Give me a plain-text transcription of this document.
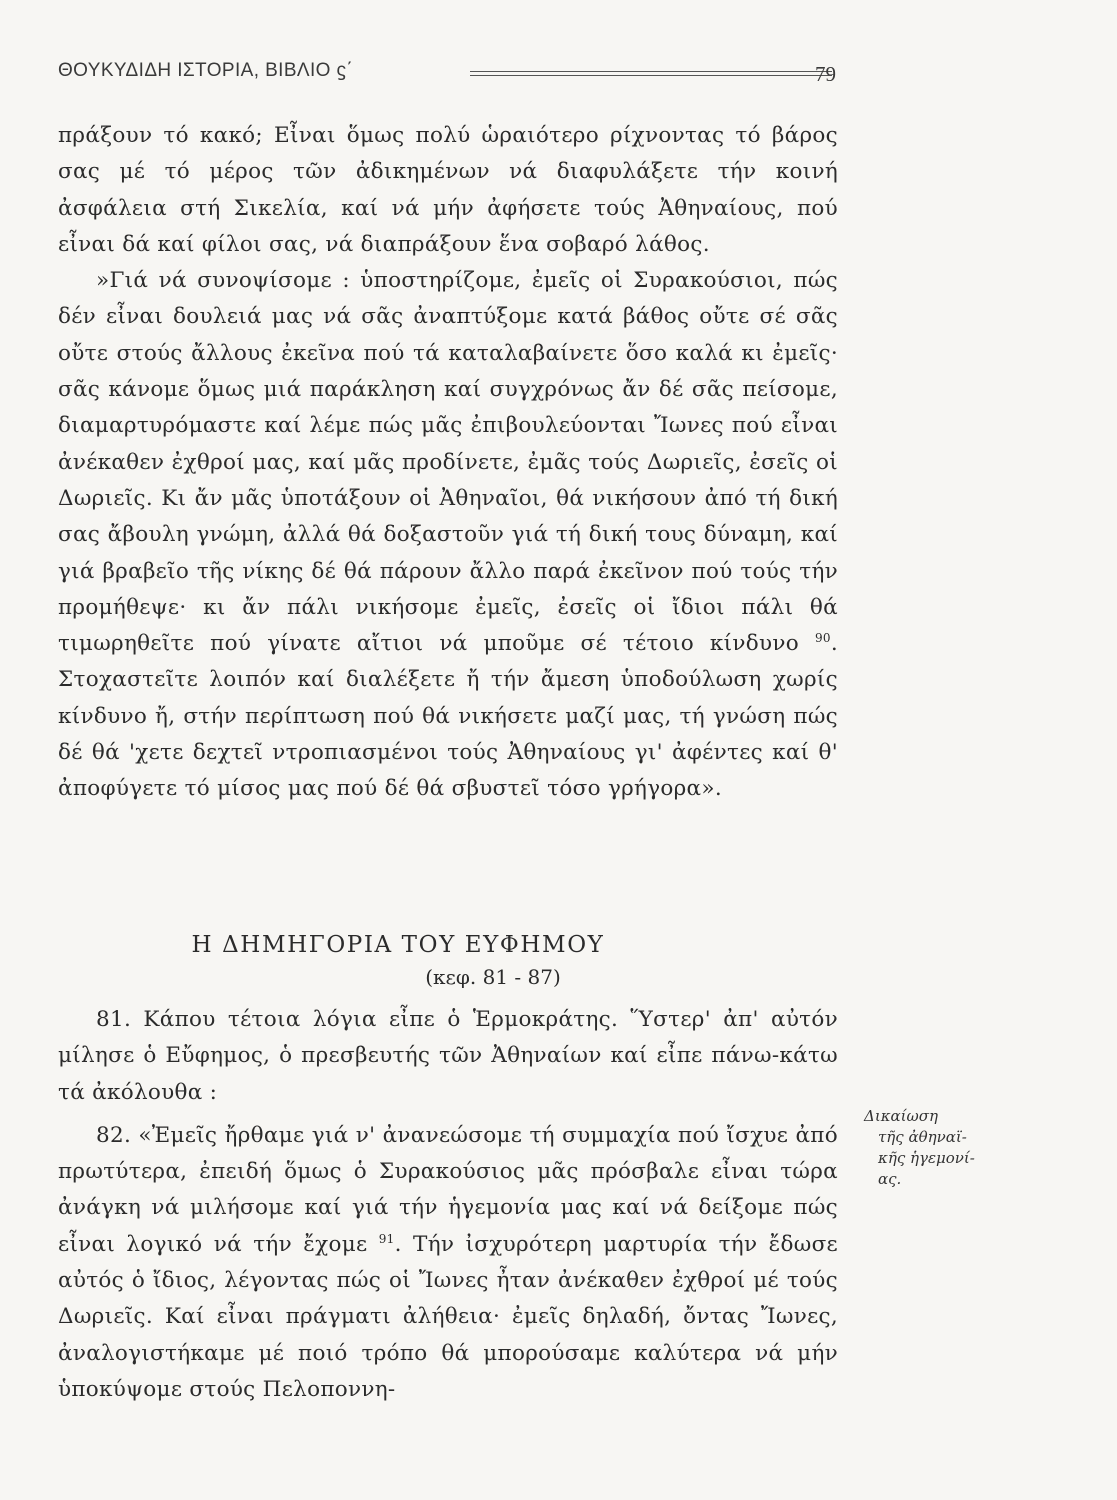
ΘΟΥΚΥΔΙΔΗ ΙΣΤΟΡΙΑ, ΒΙΒΛΙΟ ϛ΄	79

πράξουν τό κακό; Εἶναι ὅμως πολύ ὡραιότερο ρίχνοντας τό βάρος σας μέ τό μέρος τῶν ἀδικημένων νά διαφυλάξετε τήν κοινή ἀσφάλεια στή Σικελία, καί νά μήν ἀφήσετε τούς Ἀθηναίους, πού εἶναι δά καί φίλοι σας, νά διαπράξουν ἕνα σοβαρό λάθος.

»Γιά νά συνοψίσομε : ὑποστηρίζομε, ἐμεῖς οἱ Συρακούσιοι, πώς δέν εἶναι δουλειά μας νά σᾶς ἀναπτύξομε κατά βάθος οὔτε σέ σᾶς οὔτε στούς ἄλλους ἐκεῖνα πού τά καταλαβαίνετε ὅσο καλά κι ἐμεῖς· σᾶς κάνομε ὅμως μιά παράκληση καί συγχρόνως ἄν δέ σᾶς πείσομε, διαμαρτυρόμαστε καί λέμε πώς μᾶς ἐπιβουλεύονται Ἴωνες πού εἶναι ἀνέκαθεν ἐχθροί μας, καί μᾶς προδίνετε, ἐμᾶς τούς Δωριεῖς, ἐσεῖς οἱ Δωριεῖς. Κι ἄν μᾶς ὑποτάξουν οἱ Ἀθηναῖοι, θά νικήσουν ἀπό τή δική σας ἄβουλη γνώμη, ἀλλά θά δοξαστοῦν γιά τή δική τους δύναμη, καί γιά βραβεῖο τῆς νίκης δέ θά πάρουν ἄλλο παρά ἐκεῖνον πού τούς τήν προμήθεψε· κι ἄν πάλι νικήσομε ἐμεῖς, ἐσεῖς οἱ ἴδιοι πάλι θά τιμωρηθεῖτε πού γίνατε αἴτιοι νά μποῦμε σέ τέτοιο κίνδυνο $^{90}$. Στοχαστεῖτε λοιπόν καί διαλέξετε ἤ τήν ἄμεση ὑποδούλωση χωρίς κίνδυνο ἤ, στήν περίπτωση πού θά νικήσετε μαζί μας, τή γνώση πώς δέ θά 'χετε δεχτεῖ ντροπιασμένοι τούς Ἀθηναίους γι' ἀφέντες καί θ' ἀποφύγετε τό μίσος μας πού δέ θά σβυστεῖ τόσο γρήγορα».

Η ΔΗΜΗΓΟΡΙΑ ΤΟΥ ΕΥΦΗΜΟΥ
(κεφ. 81 - 87)

81. Κάπου τέτοια λόγια εἶπε ὁ Ἑρμοκράτης. Ὕστερ' ἀπ' αὐτόν μίλησε ὁ Εὔφημος, ὁ πρεσβευτής τῶν Ἀθηναίων καί εἶπε πάνω-κάτω τά ἀκόλουθα :

82. «Ἐμεῖς ἤρθαμε γιά ν' ἀνανεώσομε τή συμμαχία πού ἴσχυε ἀπό πρωτύτερα, ἐπειδή ὅμως ὁ Συρακούσιος μᾶς πρόσβαλε εἶναι τώρα ἀνάγκη νά μιλήσομε καί γιά τήν ἡγεμονία μας καί νά δείξομε πώς εἶναι λογικό νά τήν ἔχομε $^{91}$. Τήν ἰσχυρότερη μαρτυρία τήν ἔδωσε αὐτός ὁ ἴδιος, λέγοντας πώς οἱ Ἴωνες ἦταν ἀνέκαθεν ἐχθροί μέ τούς Δωριεῖς. Καί εἶναι πράγματι ἀλήθεια· ἐμεῖς δηλαδή, ὄντας Ἴωνες, ἀναλογιστήκαμε μέ ποιό τρόπο θά μπορούσαμε καλύτερα νά μήν ὑποκύψομε στούς Πελοποννη-

Δικαίωση
τῆς ἀθηναϊ-
κῆς ἡγεμονί-
ας.
